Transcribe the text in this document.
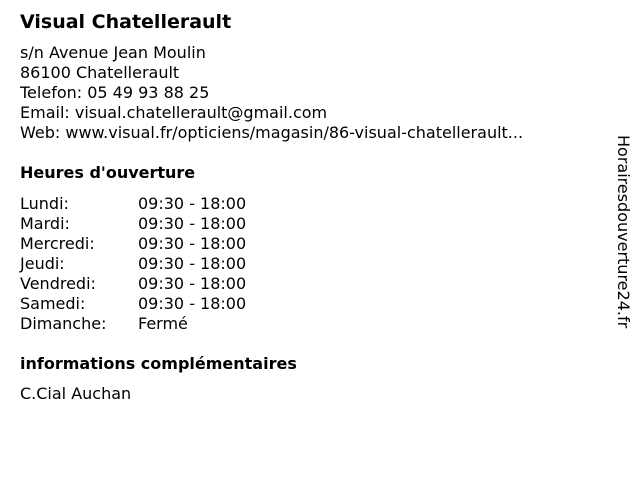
Visual Chatellerault
s/n Avenue Jean Moulin
86100 Chatellerault
Telefon: 05 49 93 88 25
Email: visual.chatellerault@gmail.com
Web: www.visual.fr/opticiens/magasin/86-visual-chatellerault...
Heures d'ouverture
Lundi:	09:30 - 18:00
Mardi:	09:30 - 18:00
Mercredi:	09:30 - 18:00
Jeudi:	09:30 - 18:00
Vendredi:	09:30 - 18:00
Samedi:	09:30 - 18:00
Dimanche:	Fermé
informations complémentaires
C.Cial Auchan
Horairesdouverture24.fr
